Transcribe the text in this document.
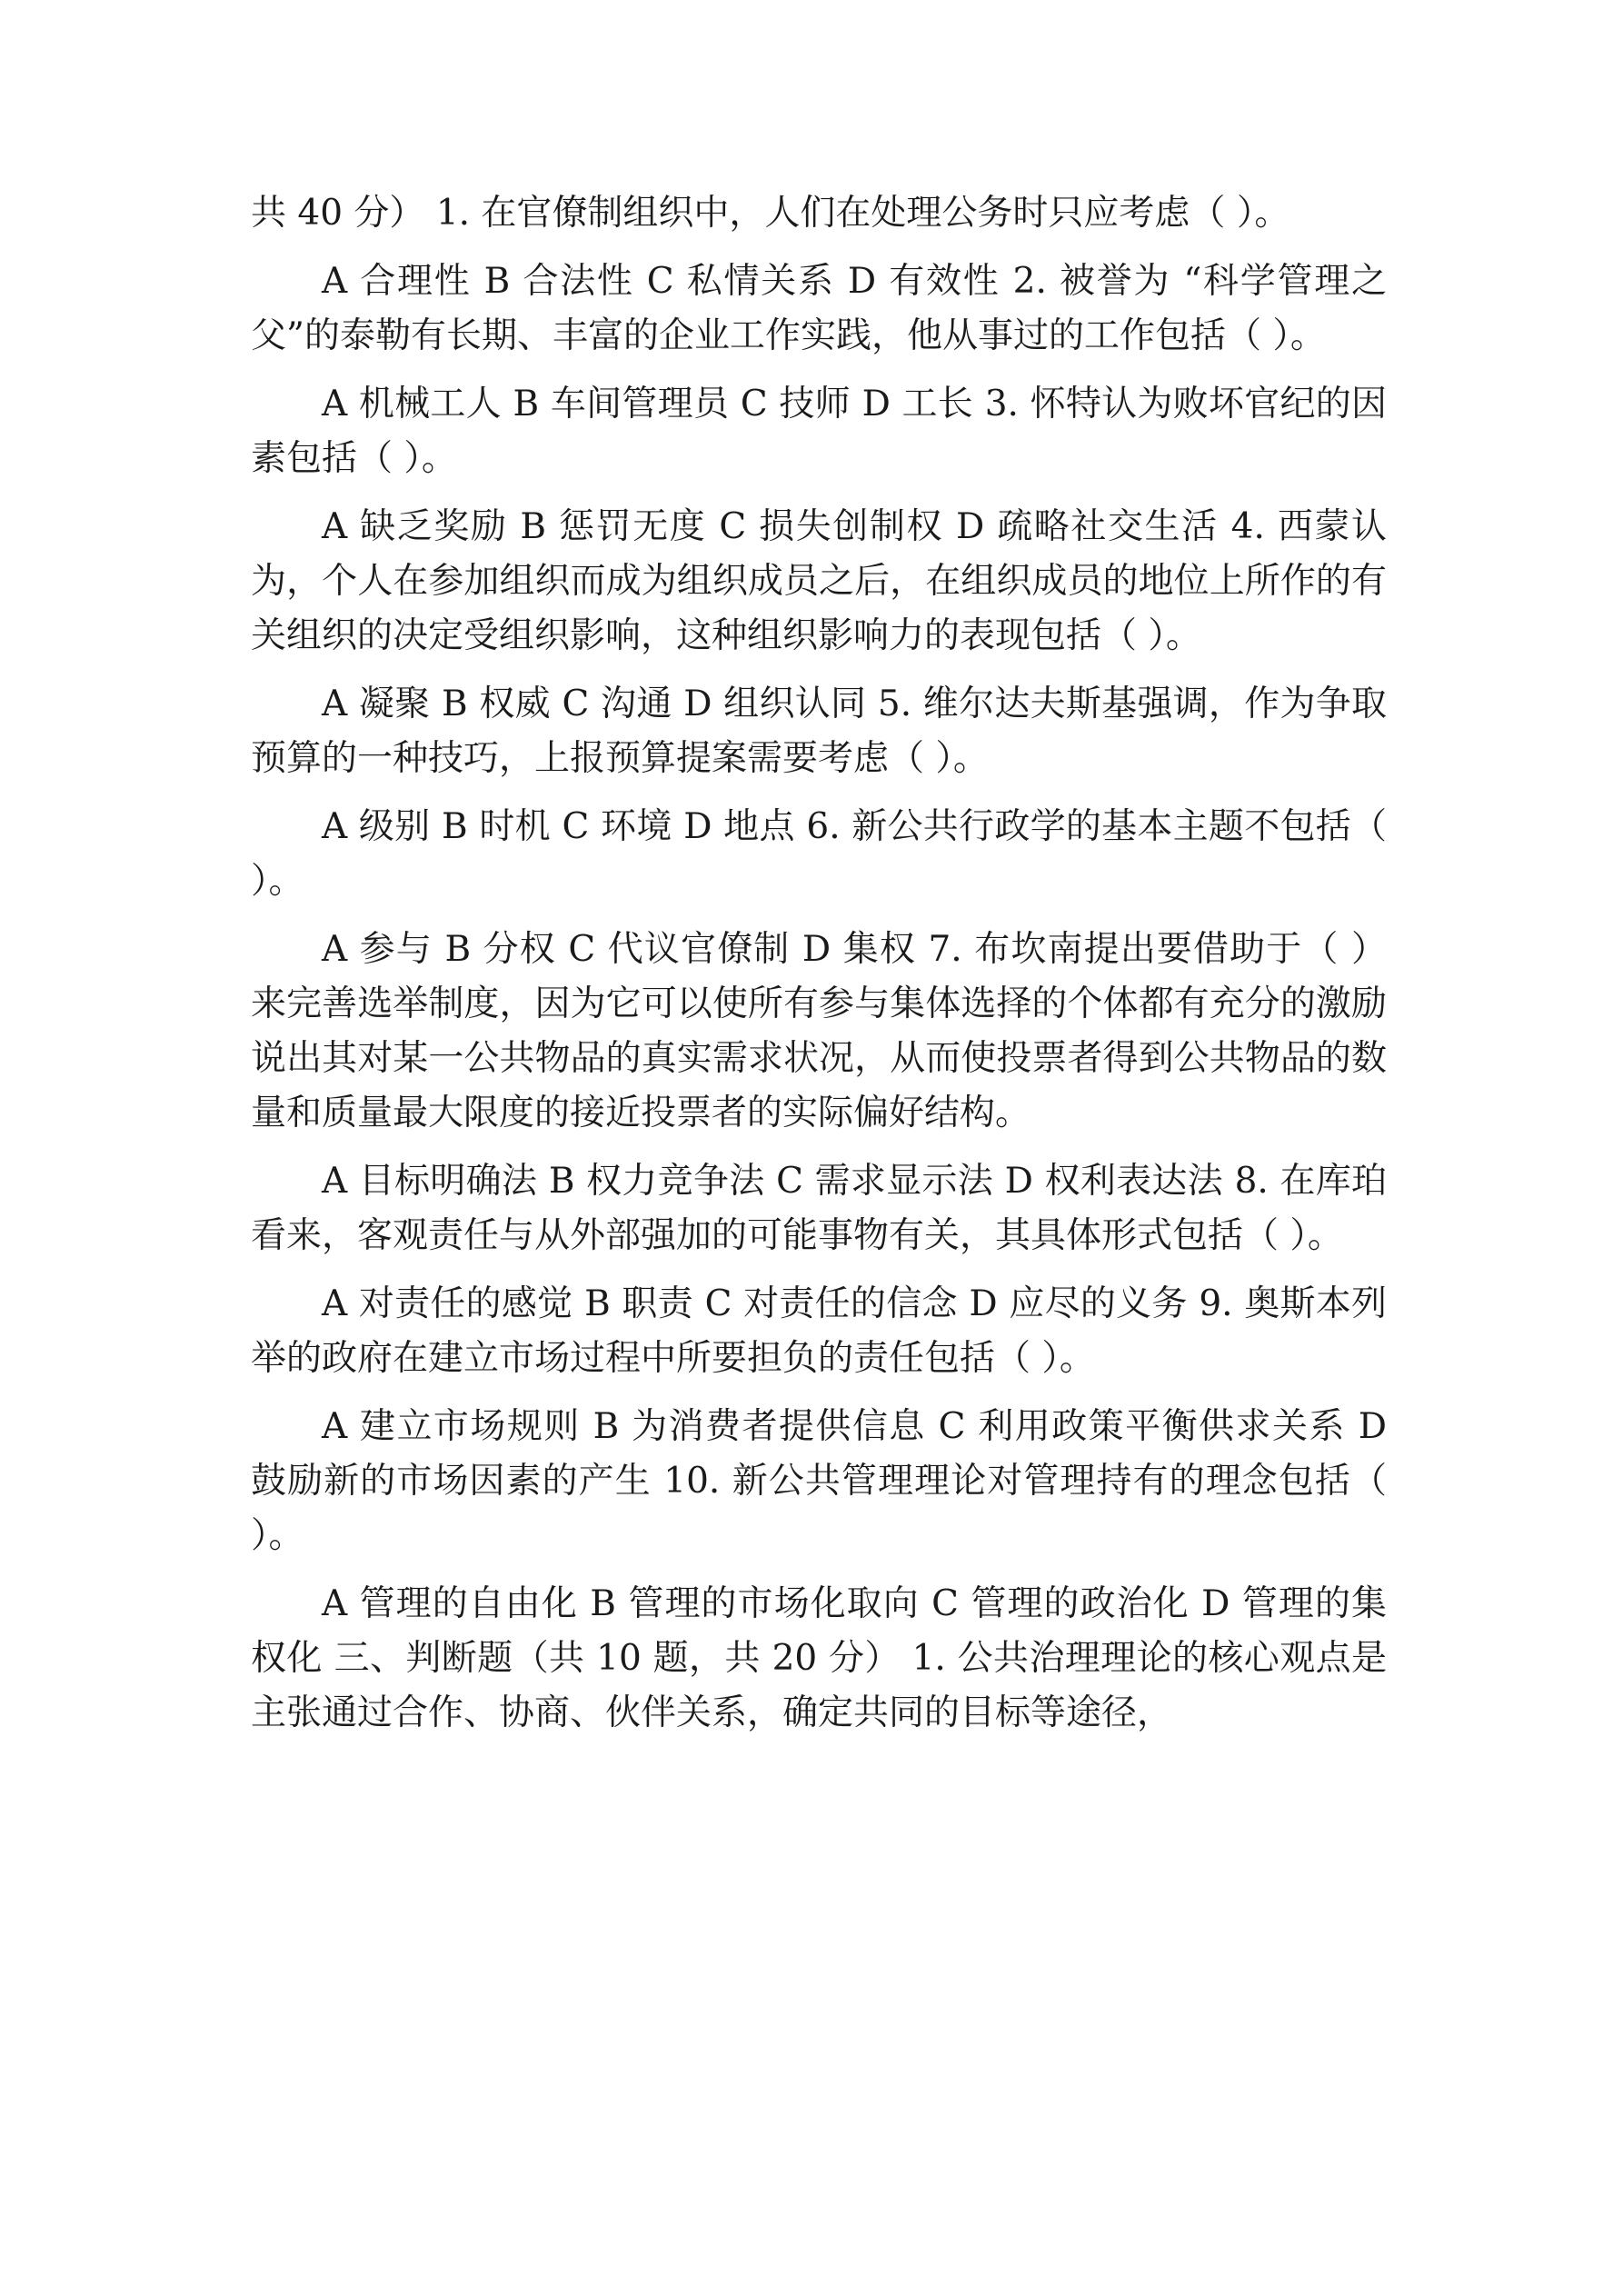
共 40 分） 1. 在官僚制组织中，人们在处理公务时只应考虑（ ）。

A 合理性 B 合法性 C 私情关系 D 有效性 2. 被誉为 “科学管理之父”的泰勒有长期、丰富的企业工作实践，他从事过的工作包括（ ）。

A 机械工人 B 车间管理员 C 技师 D 工长 3. 怀特认为败坏官纪的因素包括（ ）。

A 缺乏奖励 B 惩罚无度 C 损失创制权 D 疏略社交生活 4. 西蒙认为，个人在参加组织而成为组织成员之后，在组织成员的地位上所作的有关组织的决定受组织影响，这种组织影响力的表现包括（ ）。

A 凝聚 B 权威 C 沟通 D 组织认同 5. 维尔达夫斯基强调，作为争取预算的一种技巧，上报预算提案需要考虑（ ）。

A 级别 B 时机 C 环境 D 地点 6. 新公共行政学的基本主题不包括（ ）。

A 参与 B 分权 C 代议官僚制 D 集权 7. 布坎南提出要借助于（ ）来完善选举制度，因为它可以使所有参与集体选择的个体都有充分的激励说出其对某一公共物品的真实需求状况，从而使投票者得到公共物品的数量和质量最大限度的接近投票者的实际偏好结构。

A 目标明确法 B 权力竞争法 C 需求显示法 D 权利表达法 8. 在库珀看来，客观责任与从外部强加的可能事物有关，其具体形式包括（ ）。

A 对责任的感觉 B 职责 C 对责任的信念 D 应尽的义务 9. 奥斯本列举的政府在建立市场过程中所要担负的责任包括（ ）。

A 建立市场规则 B 为消费者提供信息 C 利用政策平衡供求关系 D 鼓励新的市场因素的产生 10. 新公共管理理论对管理持有的理念包括（ ）。

A 管理的自由化 B 管理的市场化取向 C 管理的政治化 D 管理的集权化 三、判断题（共 10 题，共 20 分） 1. 公共治理理论的核心观点是主张通过合作、协商、伙伴关系，确定共同的目标等途径，
